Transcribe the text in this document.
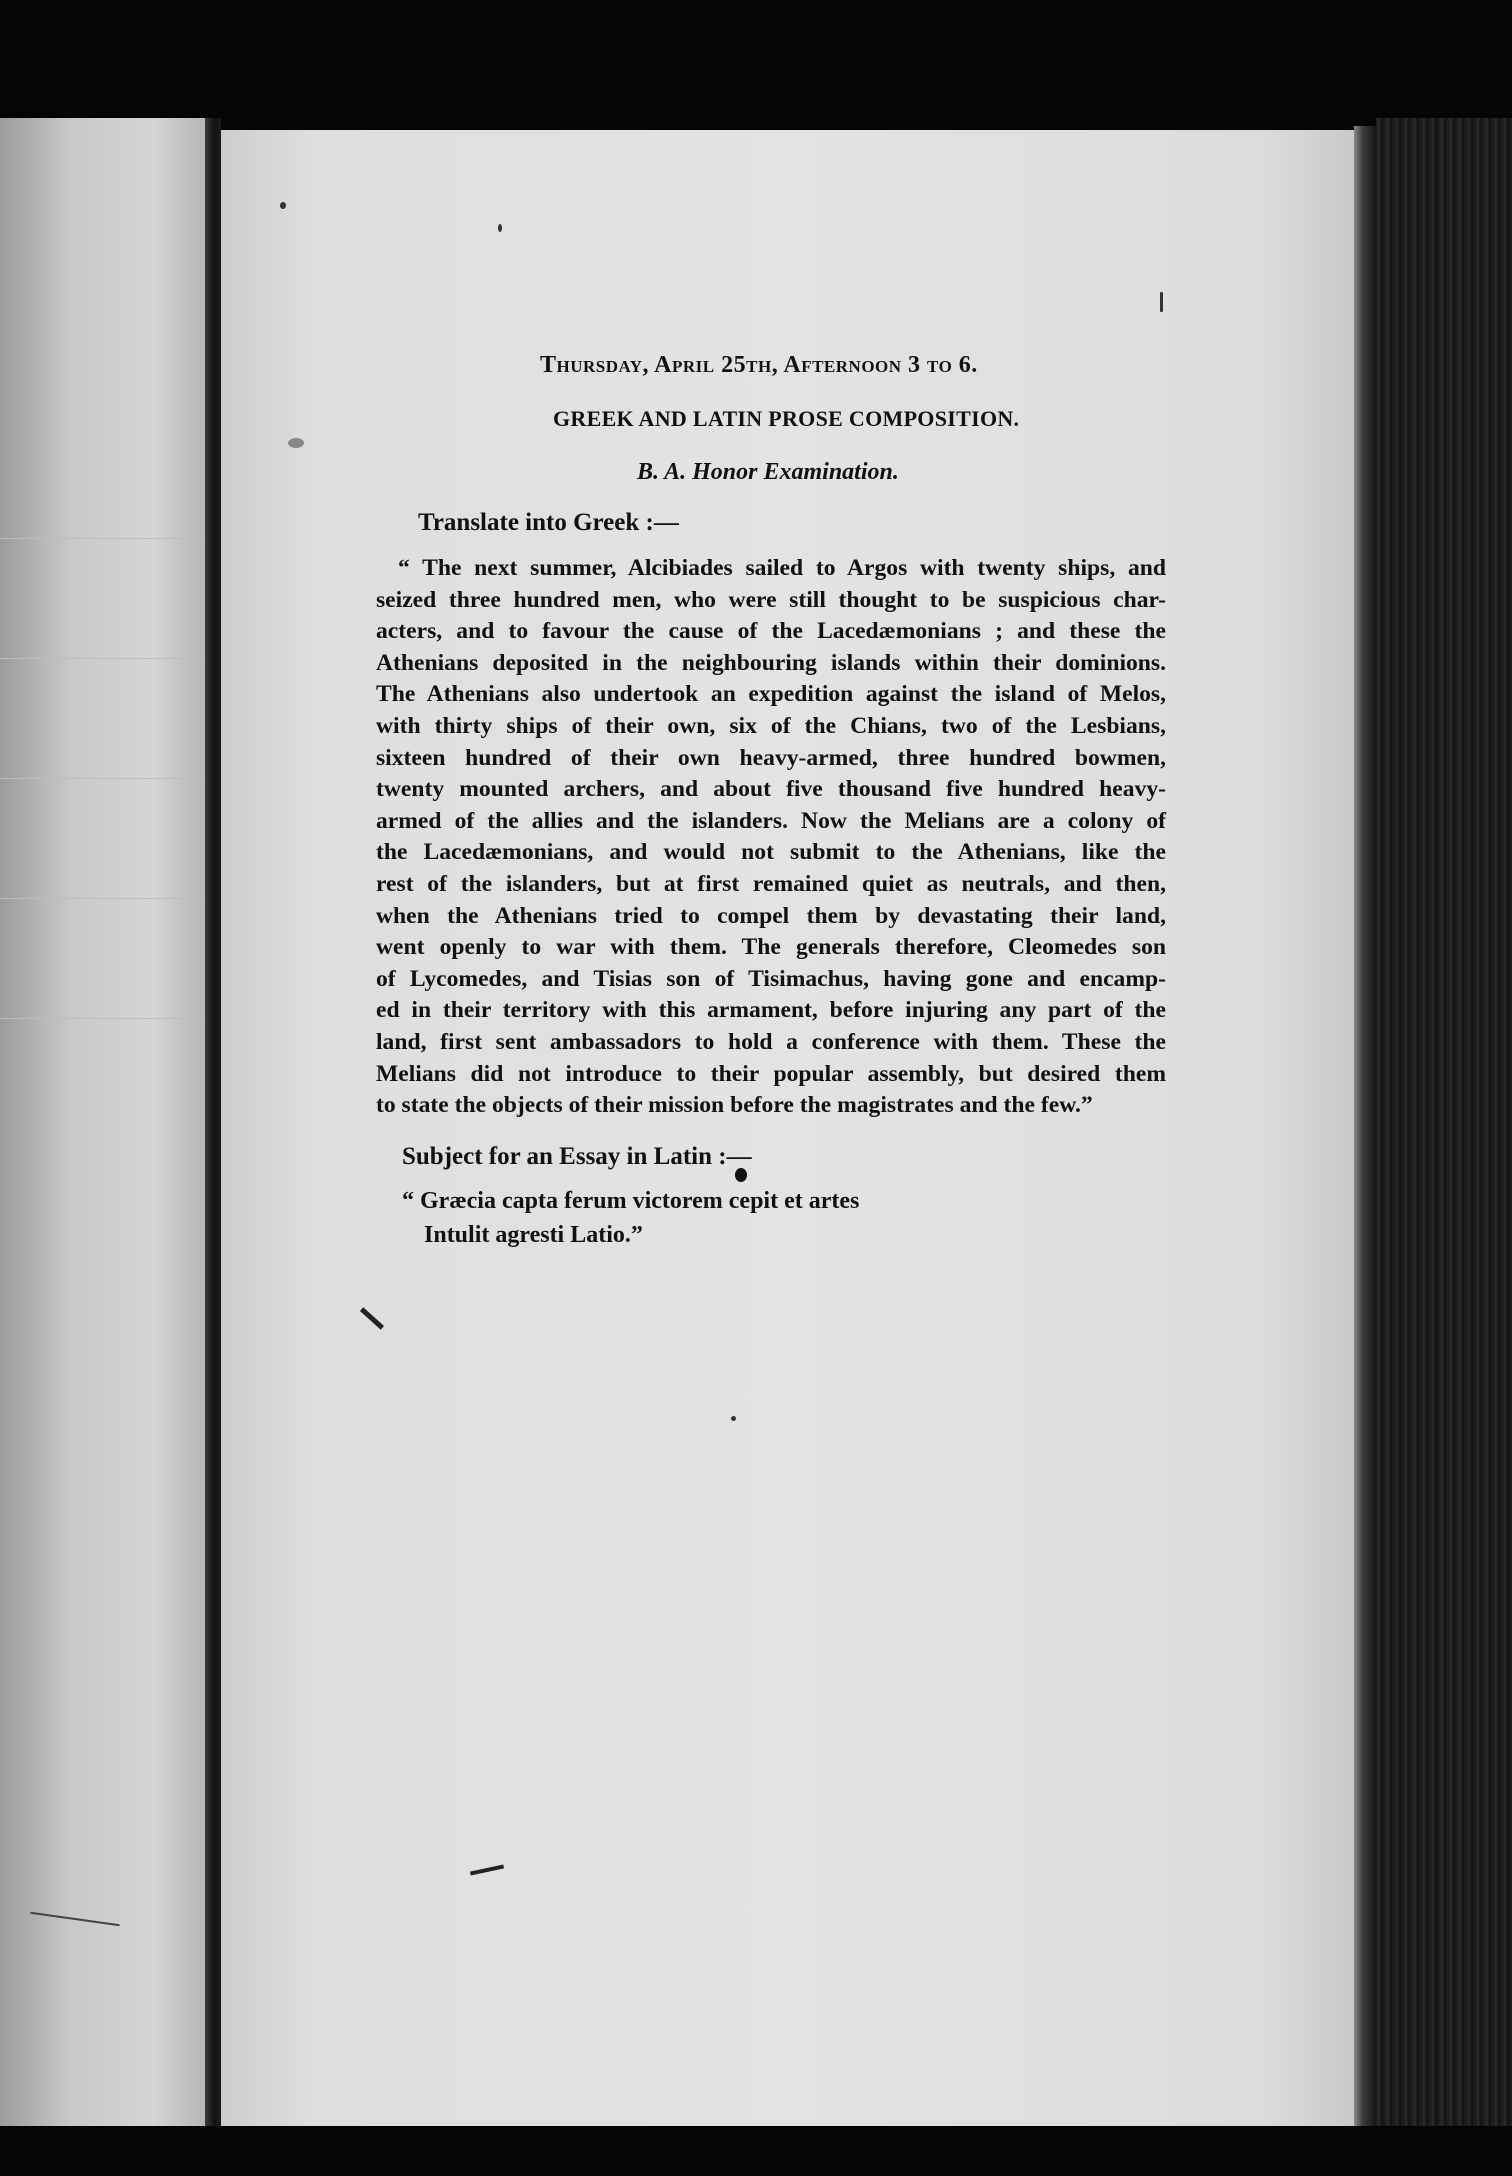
Thursday, April 25th, Afternoon 3 to 6.
GREEK AND LATIN PROSE COMPOSITION.
B. A. Honor Examination.
Translate into Greek :—
“ The next summer, Alcibiades sailed to Argos with twenty ships, and
seized three hundred men, who were still thought to be suspicious char-
acters, and to favour the cause of the Lacedæmonians ; and these the
Athenians deposited in the neighbouring islands within their dominions.
The Athenians also undertook an expedition against the island of Melos,
with thirty ships of their own, six of the Chians, two of the Lesbians,
sixteen hundred of their own heavy-armed, three hundred bowmen,
twenty mounted archers, and about five thousand five hundred heavy-
armed of the allies and the islanders. Now the Melians are a colony of
the Lacedæmonians, and would not submit to the Athenians, like the
rest of the islanders, but at first remained quiet as neutrals, and then,
when the Athenians tried to compel them by devastating their land,
went openly to war with them. The generals therefore, Cleomedes son
of Lycomedes, and Tisias son of Tisimachus, having gone and encamp-
ed in their territory with this armament, before injuring any part of the
land, first sent ambassadors to hold a conference with them. These the
Melians did not introduce to their popular assembly, but desired them
to state the objects of their mission before the magistrates and the few.”
Subject for an Essay in Latin :—
“ Græcia capta ferum victorem cepit et artes
Intulit agresti Latio.”
